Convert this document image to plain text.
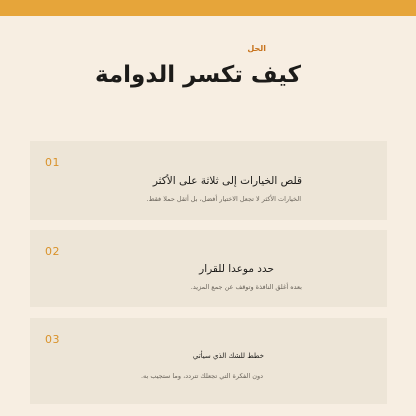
الحل
كيف تكسر الدوامة
01
قلص الخيارات إلى ثلاثة على الأكثر
الخيارات الأكثر لا تجعل الاختيار أفضل، بل أثقل حملا فقط.
02
حدد موعدا للقرار
بعده أغلق النافذة وتوقف عن جمع المزيد.
03
خطط للشك الذي سيأتي
دون الفكرة التي تجعلك تتردد، وما ستجيب به.
